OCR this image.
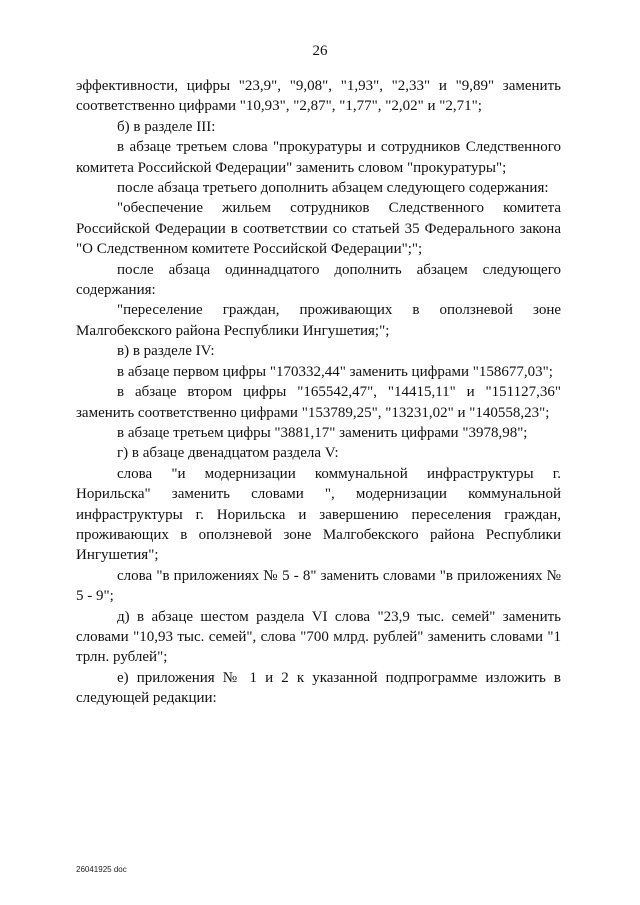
26

эффективности, цифры "23,9", "9,08", "1,93", "2,33" и "9,89" заменить соответственно цифрами "10,93", "2,87", "1,77", "2,02" и "2,71";

б) в разделе III:

в абзаце третьем слова "прокуратуры и сотрудников Следственного комитета Российской Федерации" заменить словом "прокуратуры";

после абзаца третьего дополнить абзацем следующего содержания:

"обеспечение жильем сотрудников Следственного комитета Российской Федерации в соответствии со статьей 35 Федерального закона "О Следственном комитете Российской Федерации";";

после абзаца одиннадцатого дополнить абзацем следующего содержания:

"переселение граждан, проживающих в оползневой зоне Малгобекского района Республики Ингушетия;";

в) в разделе IV:

в абзаце первом цифры "170332,44" заменить цифрами "158677,03";

в абзаце втором цифры "165542,47", "14415,11" и "151127,36" заменить соответственно цифрами "153789,25", "13231,02" и "140558,23";

в абзаце третьем цифры "3881,17" заменить цифрами "3978,98";

г) в абзаце двенадцатом раздела V:

слова "и модернизации коммунальной инфраструктуры г. Норильска" заменить словами ", модернизации коммунальной инфраструктуры г. Норильска и завершению переселения граждан, проживающих в оползневой зоне Малгобекского района Республики Ингушетия";

слова "в приложениях № 5 - 8" заменить словами "в приложениях № 5 - 9";

д) в абзаце шестом раздела VI слова "23,9 тыс. семей" заменить словами "10,93 тыс. семей", слова "700 млрд. рублей" заменить словами "1 трлн. рублей";

е) приложения № 1 и 2 к указанной подпрограмме изложить в следующей редакции:

26041925 doc
